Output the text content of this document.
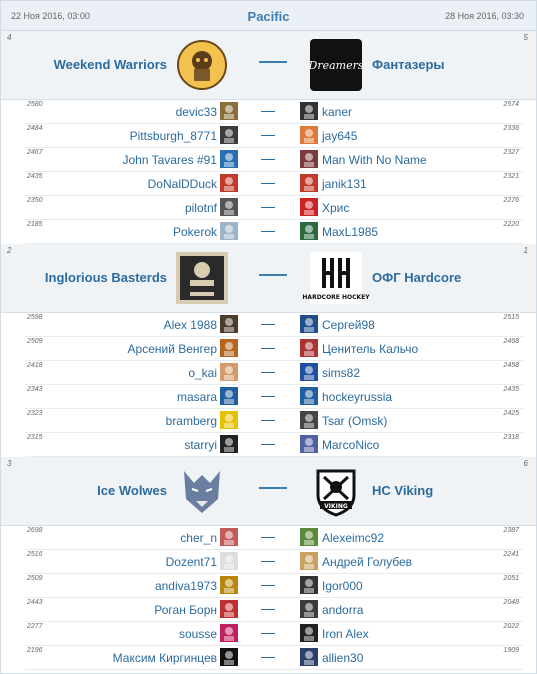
22 Ноя 2016, 03:00	Pacific	28 Ноя 2016, 03:30
4	5
Weekend Warriors	Фантазеры
Dreamers
2580
devic33	kaner
2574
2484
Pittsburgh_8771	jay645
2336
2467
John Tavares #91	Man With No Name
2327
2435
DoNalDDuck	janik131
2321
2350
pilotnf	Хрис
2276
2185
Pokerok	MaxL1985
2220
2	1
Inglorious Basterds	ОФГ Hardcore
HARDCORE HOCKEY
2598
Alex 1988	Сергей98
2515
2509
Арсений Венгер	Ценитель Кальчо
2468
2418
o_kai	sims82
2458
2343
masara	hockeyrussia
2435
2323
bramberg	Tsar (Omsk)
2425
2315
starryi	MarcoNico
2318
3	6
Ice Wolwes	HC Viking
VIKING
2698
cher_n	Alexeimc92
2387
2516
Dozent71	Андрей Голубев
2241
2509
andiva1973	Igor000
2051
2443
Роган Борн	andorra
2048
2277
sousse	Iron Alex
2022
2196
Максим Киргинцев	allien30
1909
